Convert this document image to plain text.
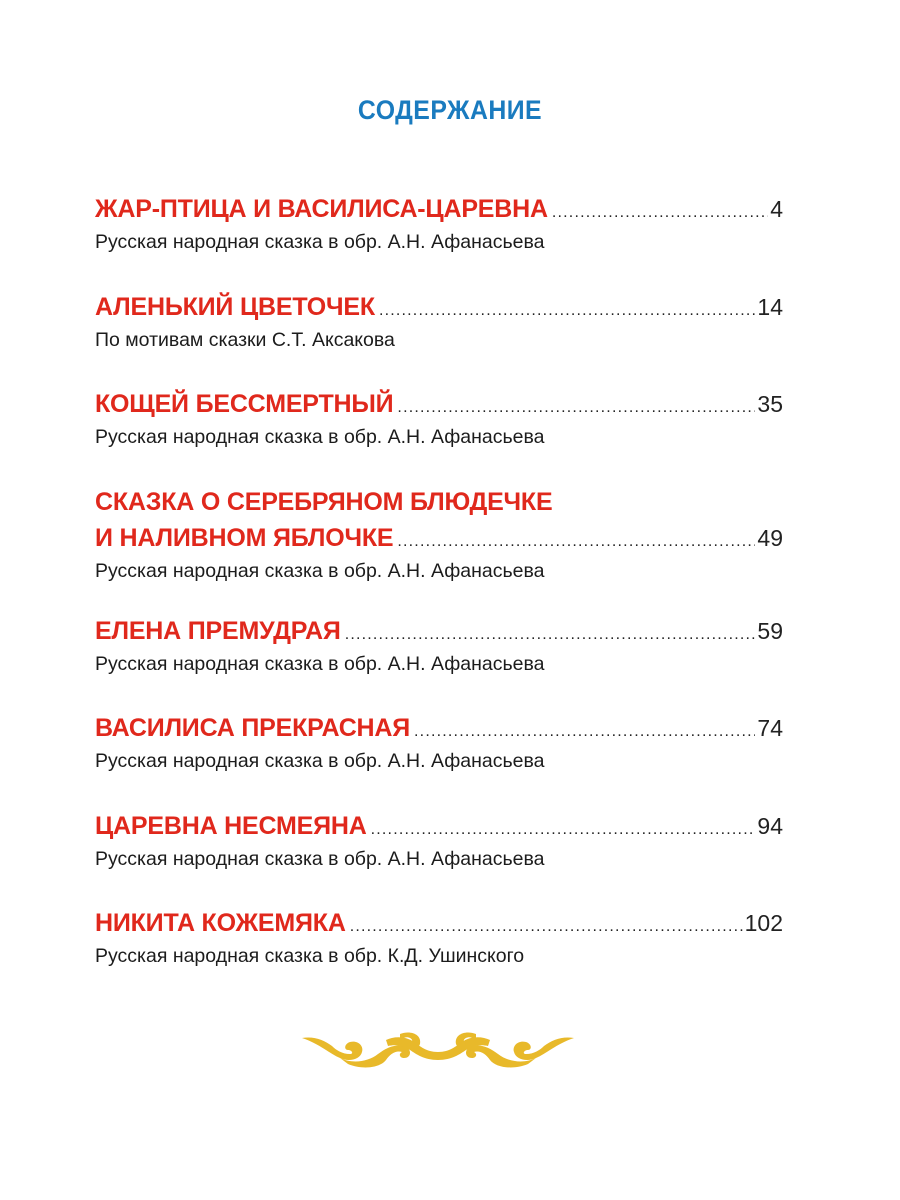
СОДЕРЖАНИЕ
ЖАР-ПТИЦА И ВАСИЛИСА-ЦАРЕВНА .....	4
Русская народная сказка в обр. А.Н. Афанасьева
АЛЕНЬКИЙ ЦВЕТОЧЕК .....	14
По мотивам сказки С.Т. Аксакова
КОЩЕЙ БЕССМЕРТНЫЙ .....	35
Русская народная сказка в обр. А.Н. Афанасьева
СКАЗКА О СЕРЕБРЯНОМ БЛЮДЕЧКЕ
И НАЛИВНОМ ЯБЛОЧКЕ .....	49
Русская народная сказка в обр. А.Н. Афанасьева
ЕЛЕНА ПРЕМУДРАЯ .....	59
Русская народная сказка в обр. А.Н. Афанасьева
ВАСИЛИСА ПРЕКРАСНАЯ .....	74
Русская народная сказка в обр. А.Н. Афанасьева
ЦАРЕВНА НЕСМЕЯНА .....	94
Русская народная сказка в обр. А.Н. Афанасьева
НИКИТА КОЖЕМЯКА .....	102
Русская народная сказка в обр. К.Д. Ушинского
